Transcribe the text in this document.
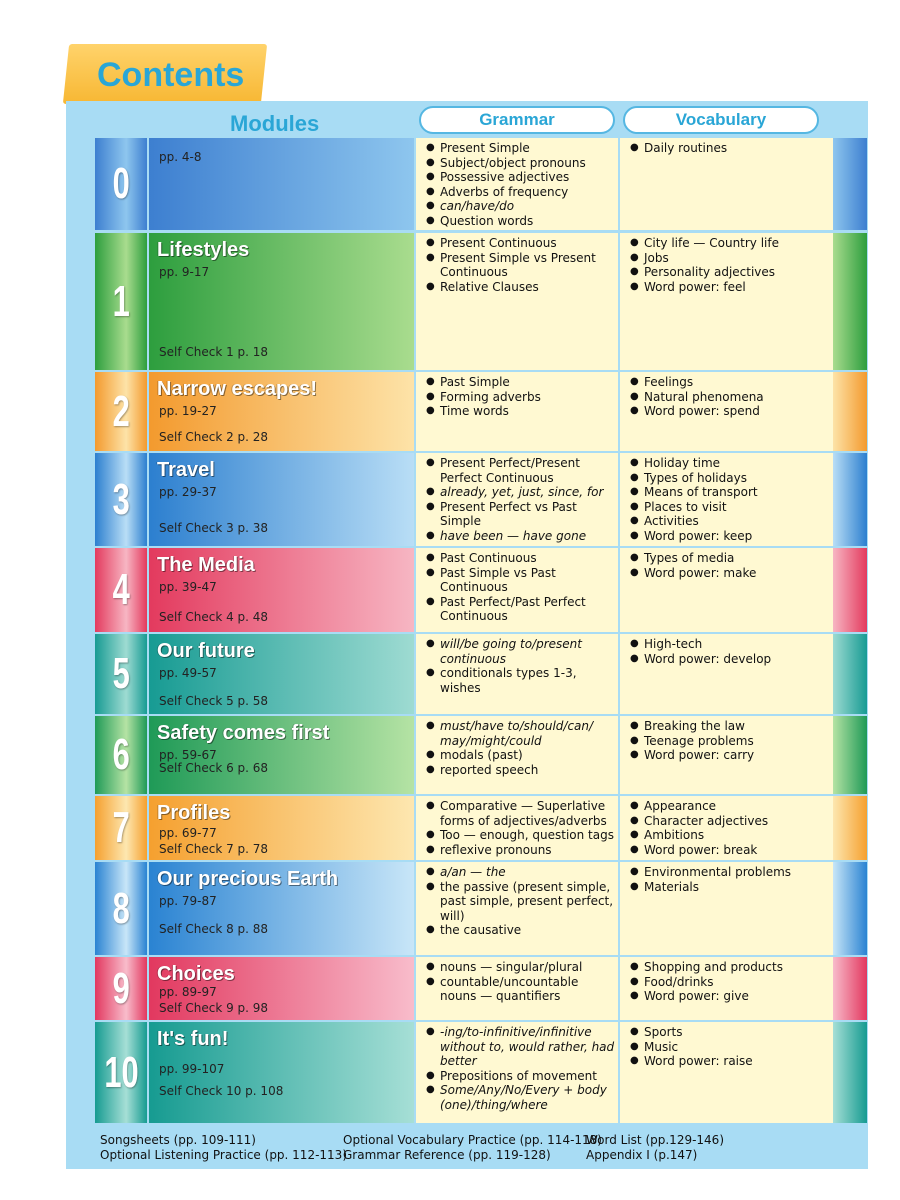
Contents
Modules	Grammar	Vocabulary
0
pp. 4-8
● Present Simple
● Subject/object pronouns
● Possessive adjectives
● Adverbs of frequency
● can/have/do
● Question words
● Daily routines
1
Lifestyles
pp. 9-17
Self Check 1 p. 18
● Present Continuous
● Present Simple vs Present Continuous
● Relative Clauses
● City life — Country life
● Jobs
● Personality adjectives
● Word power: feel
2 Narrow escapes!
pp. 19-27
Self Check 2 p. 28
● Past Simple
● Forming adverbs
● Time words
● Feelings
● Natural phenomena
● Word power: spend
3
Travel
pp. 29-37
Self Check 3 p. 38
● Present Perfect/Present Perfect Continuous
● already, yet, just, since, for
● Present Perfect vs Past Simple
● have been — have gone
● Holiday time
● Types of holidays
● Means of transport
● Places to visit
● Activities
● Word power: keep
4 The Media
pp. 39-47
Self Check 4 p. 48
● Past Continuous
● Past Simple vs Past Continuous
● Past Perfect/Past Perfect Continuous
● Types of media
● Word power: make
5 Our future
pp. 49-57
Self Check 5 p. 58
● will/be going to/present continuous
● conditionals types 1-3, wishes
● High-tech
● Word power: develop
6 Safety comes first
pp. 59-67
Self Check 6 p. 68
● must/have to/should/can/ may/might/could
● modals (past)
● reported speech
● Breaking the law
● Teenage problems
● Word power: carry
7 Profiles
pp. 69-77
Self Check 7 p. 78
● Comparative — Superlative forms of adjectives/adverbs
● Too — enough, question tags
● reflexive pronouns
● Appearance
● Character adjectives
● Ambitions
● Word power: break
8
Our precious Earth
pp. 79-87
Self Check 8 p. 88
● a/an — the
● the passive (present simple, past simple, present perfect, will)
● the causative
● Environmental problems
● Materials
9 Choices
pp. 89-97
Self Check 9 p. 98
● nouns — singular/plural
● countable/uncountable nouns — quantifiers
● Shopping and products
● Food/drinks
● Word power: give
10
It's fun!
pp. 99-107
Self Check 10 p. 108
● -ing/to-infinitive/infinitive without to, would rather, had better
● Prepositions of movement
● Some/Any/No/Every + body (one)/thing/where
● Sports
● Music
● Word power: raise
Songsheets (pp. 109-111)
Optional Listening Practice (pp. 112-113)
Optional Vocabulary Practice (pp. 114-118)
Grammar Reference (pp. 119-128)
Word List (pp.129-146)
Appendix I (p.147)
